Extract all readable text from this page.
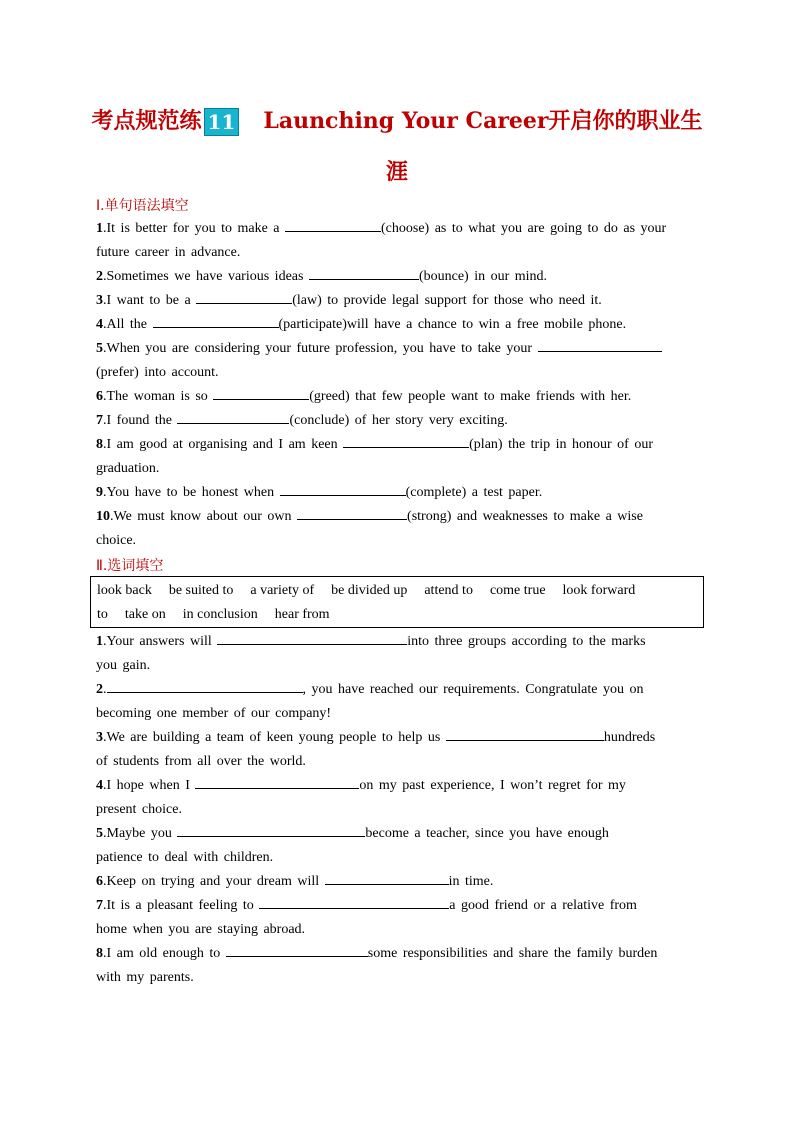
考点规范练 11 Launching Your Career开启你的职业生
涯
Ⅰ.单句语法填空
1.It is better for you to make a	(choose) as to what you are going to do as your
future career in advance.
2.Sometimes we have various ideas	(bounce) in our mind.
3.I want to be a	(law) to provide legal support for those who need it.
4.All the	(participate)will have a chance to win a free mobile phone.
5.When you are considering your future profession, you have to take your
(prefer) into account.
6.The woman is so	(greed) that few people want to make friends with her.
7.I found the	(conclude) of her story very exciting.
8.I am good at organising and I am keen	(plan) the trip in honour of our
graduation.
9.You have to be honest when	(complete) a test paper.
10.We must know about our own	(strong) and weaknesses to make a wise
choice.
Ⅱ.选词填空
look back be suited to a variety of be divided up attend to come true look forward
to take on in conclusion hear from
1.Your answers will	into three groups according to the marks
you gain.
2.	, you have reached our requirements. Congratulate you on
becoming one member of our company!
3.We are building a team of keen young people to help us	hundreds
of students from all over the world.
4.I hope when I	on my past experience, I won’t regret for my
present choice.
5.Maybe you	become a teacher, since you have enough
patience to deal with children.
6.Keep on trying and your dream will	in time.
7.It is a pleasant feeling to	a good friend or a relative from
home when you are staying abroad.
8.I am old enough to	some responsibilities and share the family burden
with my parents.
